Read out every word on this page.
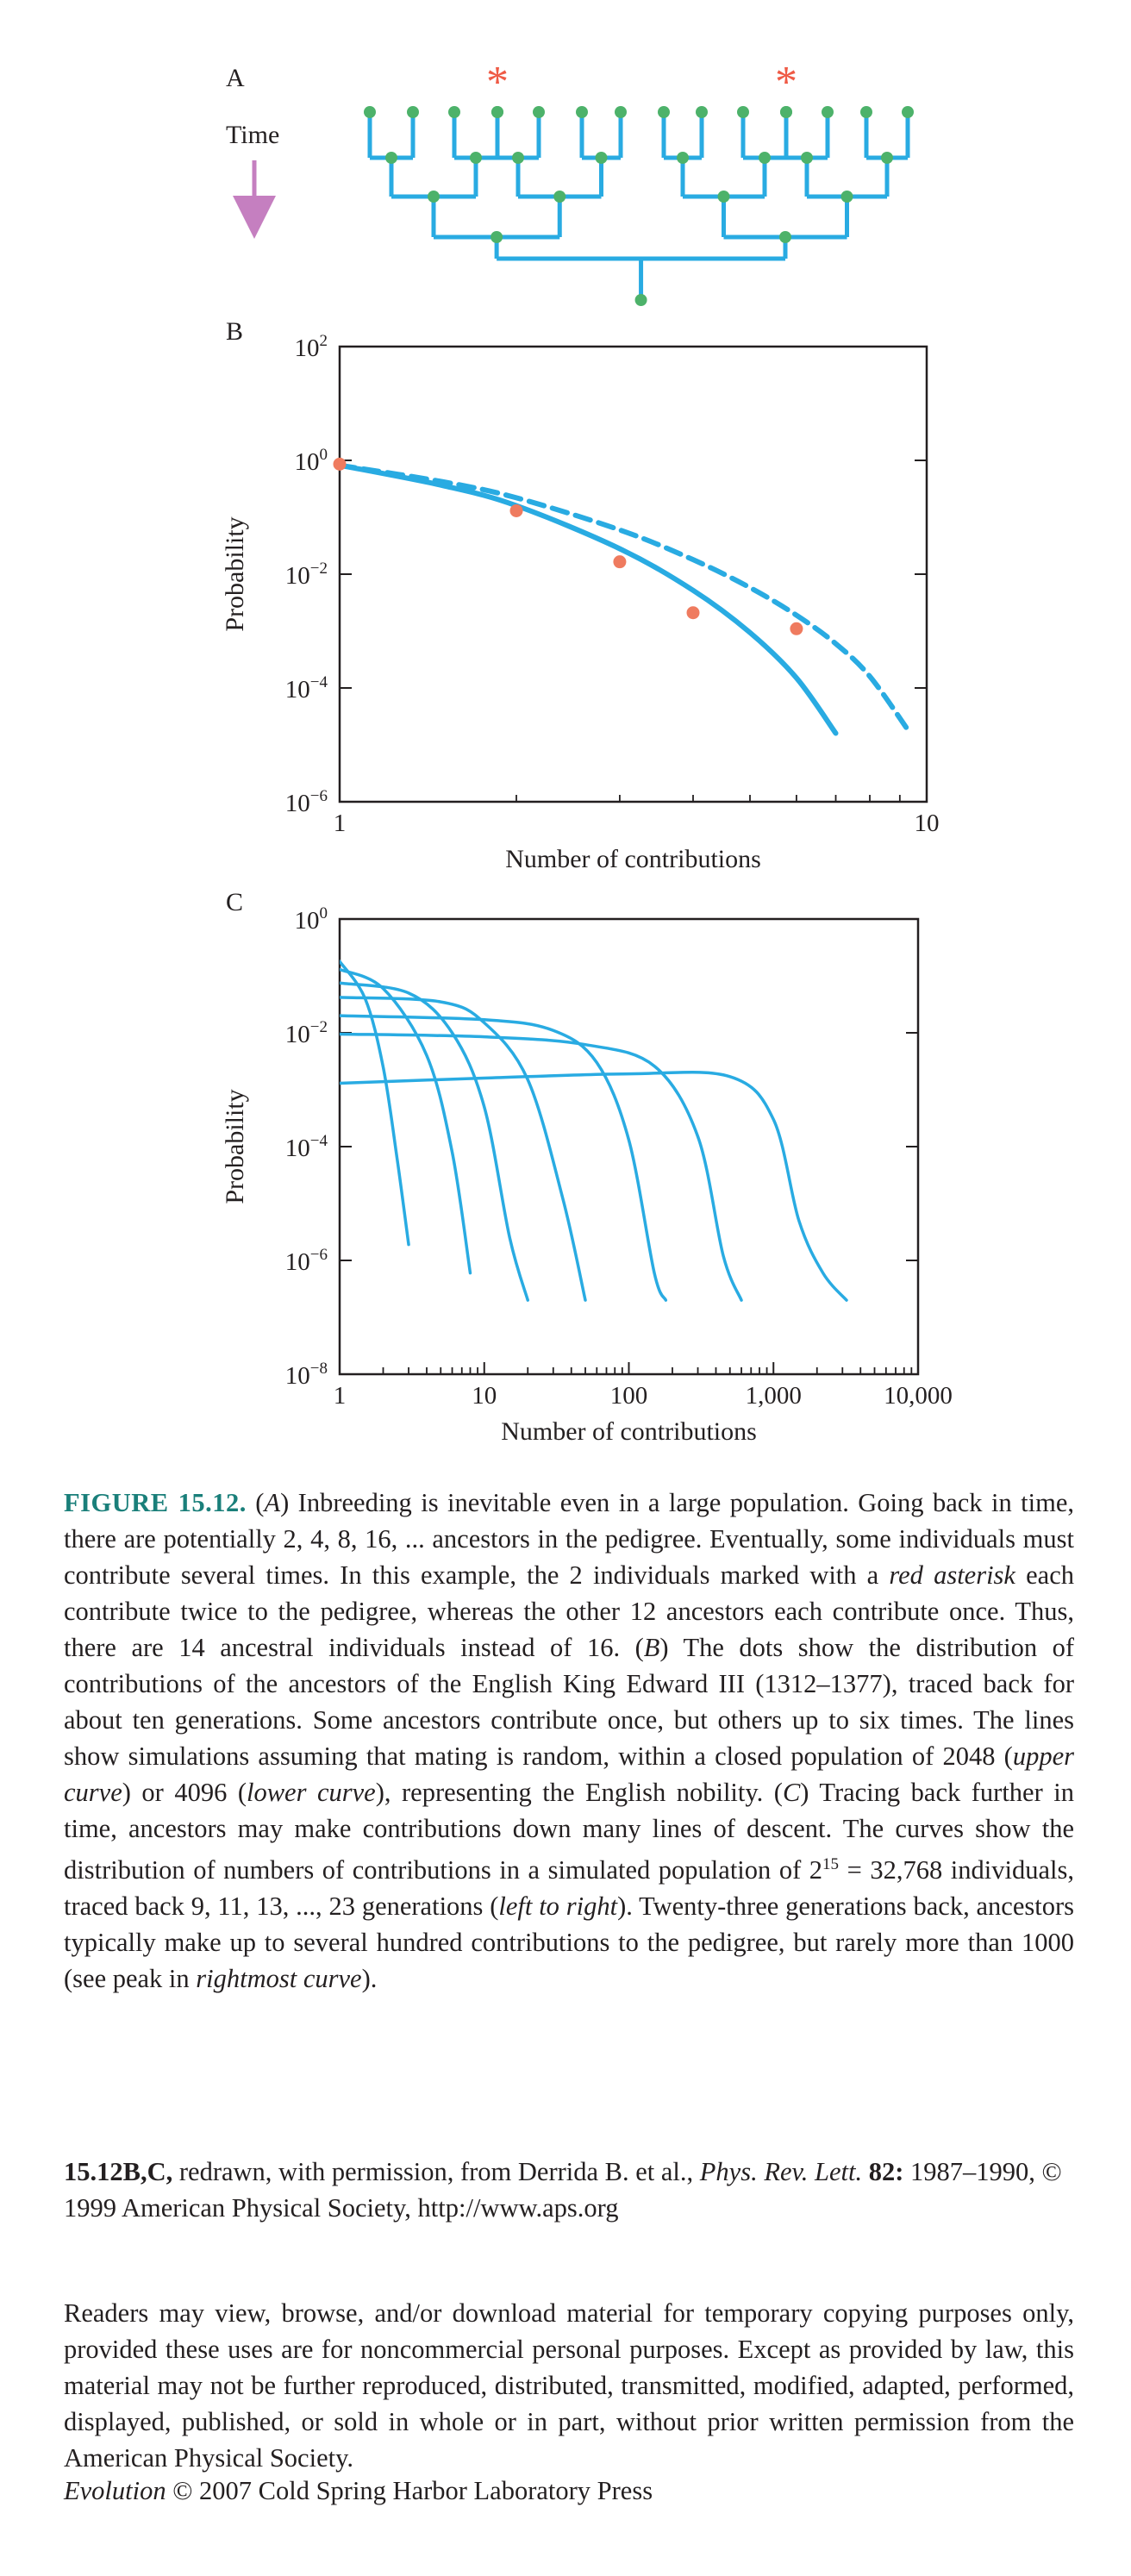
A
Time
*	*
B
1	10
$10^2$
$10^0$
$10^{-2}$
$10^{-4}$
$10^{-6}$
Number of contributions
Probability
C
1	10	100	1,000	10,000
$10^0$
$10^{-2}$
$10^{-4}$
$10^{-6}$
$10^{-8}$
Number of contributions
Probability
FIGURE 15.12. (A) Inbreeding is inevitable even in a large population. Going back in time, there are potentially 2, 4, 8, 16, ... ancestors in the pedigree. Eventually, some individuals must contribute several times. In this example, the 2 individuals marked with a red asterisk each contribute twice to the pedigree, whereas the other 12 ancestors each contribute once. Thus, there are 14 ancestral individuals instead of 16. (B) The dots show the distribution of contributions of the ancestors of the English King Edward III (1312–1377), traced back for about ten generations. Some ancestors contribute once, but others up to six times. The lines show simulations assuming that mating is random, within a closed population of 2048 (upper curve) or 4096 (lower curve), representing the English nobility. (C) Tracing back further in time, ancestors may make contributions down many lines of descent. The curves show the distribution of numbers of contributions in a simulated population of $2^{15} = 32,768$ individuals, traced back 9, 11, 13, ..., 23 generations (left to right). Twenty-three generations back, ancestors typically make up to several hundred contributions to the pedigree, but rarely more than 1000 (see peak in rightmost curve).
15.12B,C, redrawn, with permission, from Derrida B. et al., Phys. Rev. Lett. 82: 1987–1990, © 1999 American Physical Society, http://www.aps.org
Readers may view, browse, and/or download material for temporary copying purposes only, provided these uses are for noncommercial personal purposes. Except as provided by law, this material may not be further reproduced, distributed, transmitted, modified, adapted, performed, displayed, published, or sold in whole or in part, without prior written permission from the American Physical Society.
Evolution © 2007 Cold Spring Harbor Laboratory Press
